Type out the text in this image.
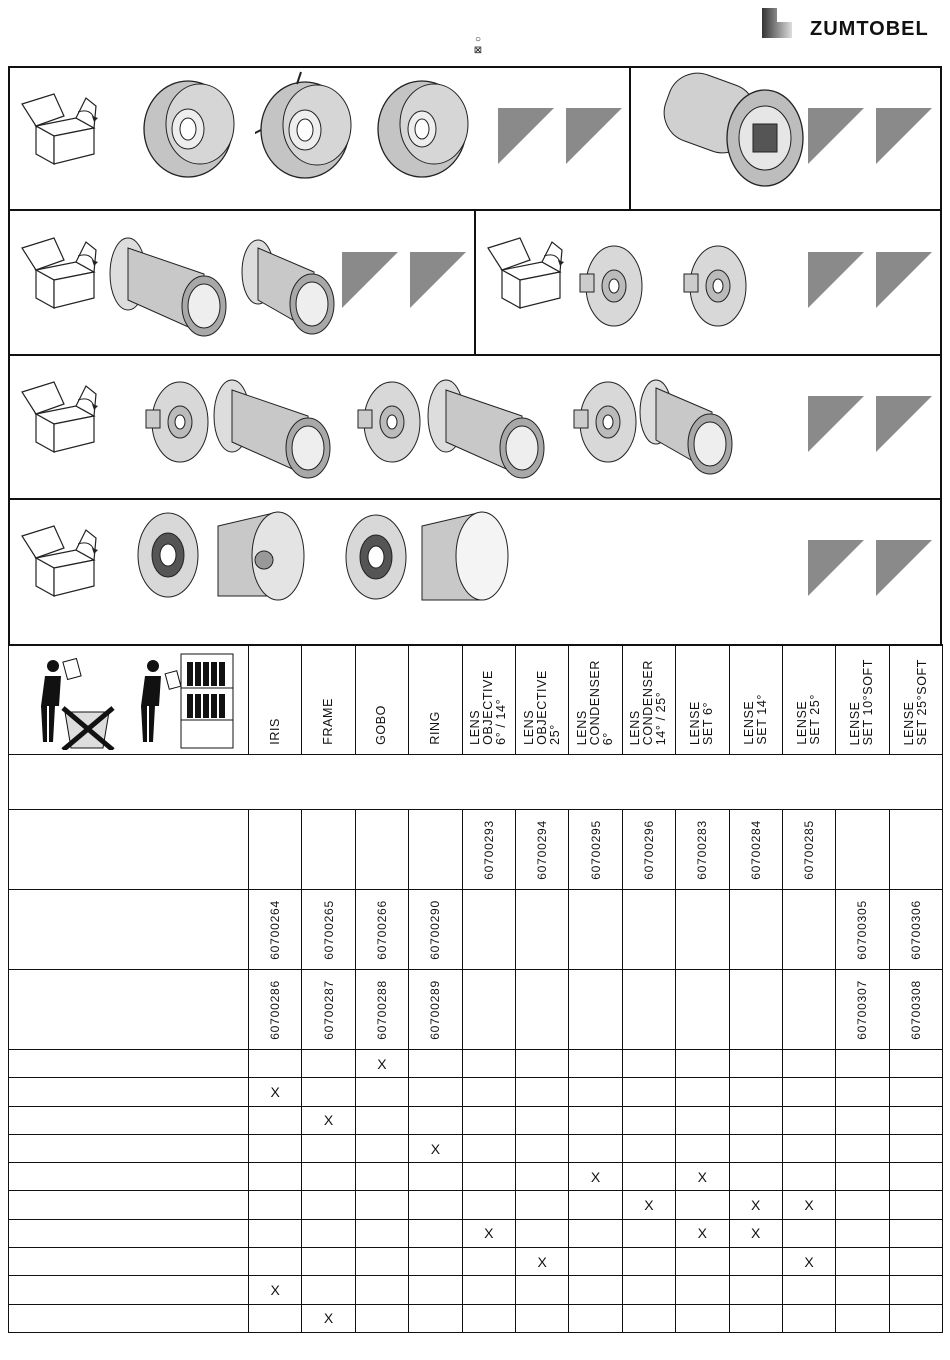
ZUMTOBEL
○
⊠
	IRIS	FRAME	GOBO	RING	LENS
OBJECTIVE
6° / 14°	LENS
OBJECTIVE
25°	LENS
CONDENSER
6°	LENS
CONDENSER
14° / 25°	LENSE
SET 6°	LENSE
SET 14°	LENSE
SET 25°	LENSE
SET 10°SOFT	LENSE
SET 25°SOFT

					60700293	60700294	60700295	60700296	60700283	60700284	60700285		
	60700264	60700265	60700266	60700290								60700305	60700306
	60700286	60700287	60700288	60700289								60700307	60700308
			X										
	X												
		X											
				X									
							X		X				
								X		X	X		
					X				X	X			
						X					X		
	X												
		X											
